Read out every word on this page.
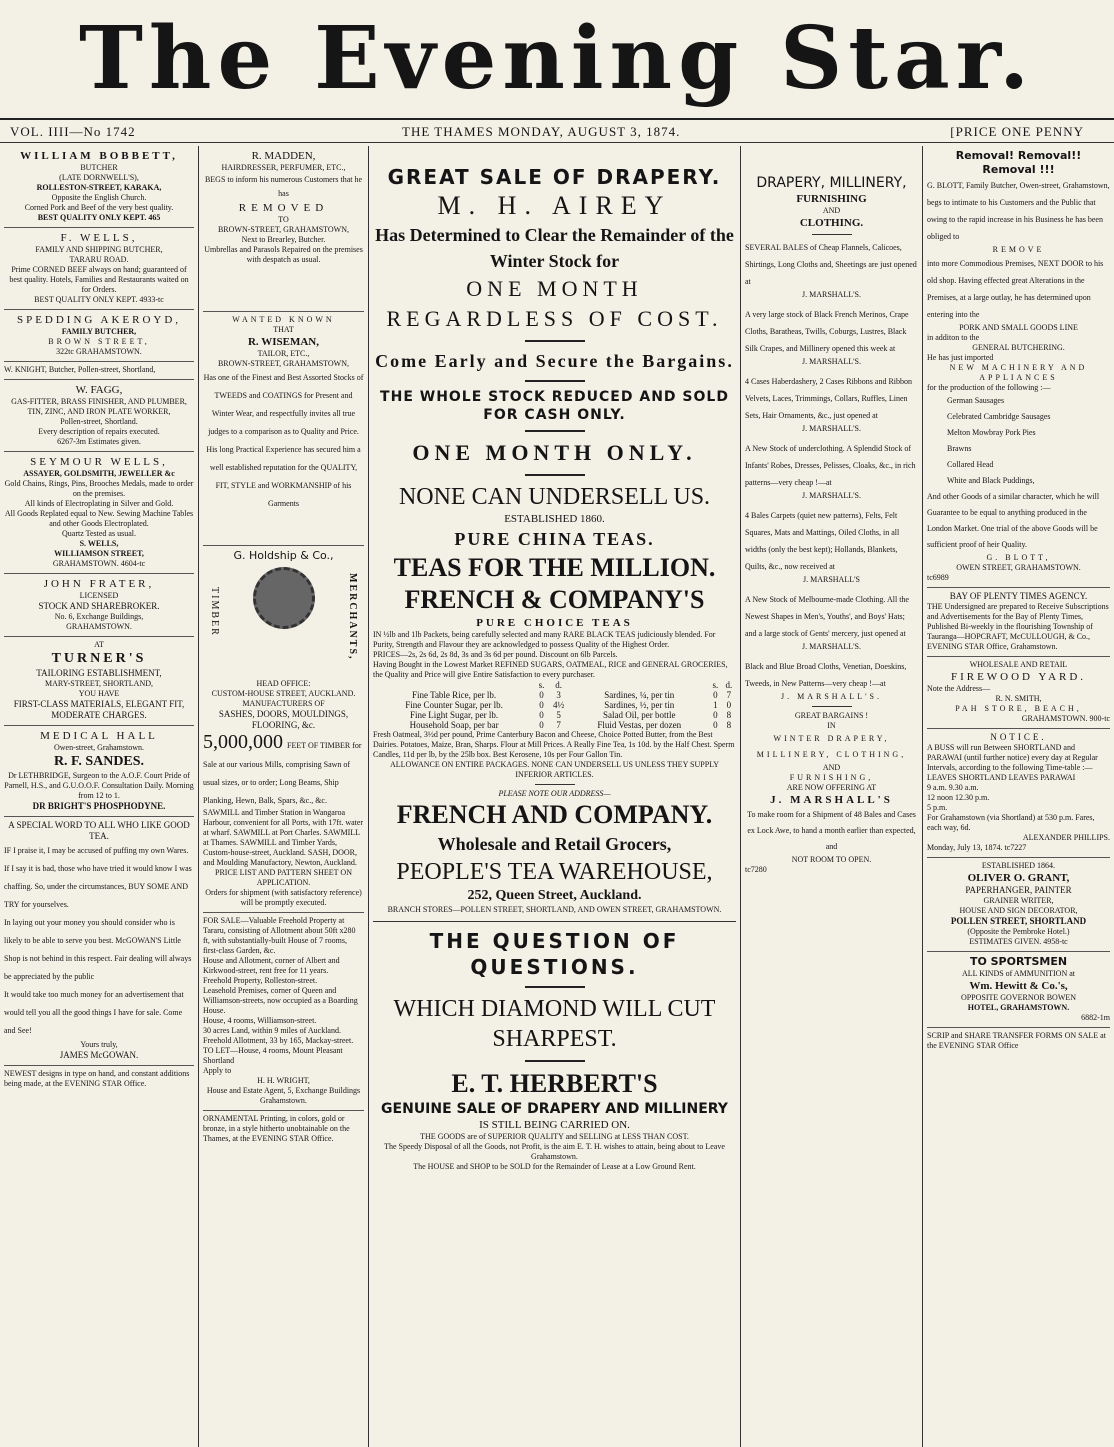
The Evening Star.
VOL. IIII—No 1742	THE THAMES MONDAY, AUGUST 3, 1874.	[PRICE ONE PENNY
WILLIAM BOBBETT,
BUTCHER
(LATE DORNWELL'S),
ROLLESTON-STREET, KARAKA,
Opposite the English Church.
Corned Pork and Beef of the very best quality.
BEST QUALITY ONLY KEPT. 465
F. WELLS,
FAMILY AND SHIPPING BUTCHER,
TARARU ROAD.
Prime CORNED BEEF always on hand; guaranteed of best quality. Hotels, Families and Restaurants waited on for Orders.
BEST QUALITY ONLY KEPT. 4933-tc
SPEDDING AKEROYD,
FAMILY BUTCHER,
BROWN STREET,
322tc GRAHAMSTOWN.
W. KNIGHT, Butcher, Pollen-street, Shortland,
W. FAGG,
GAS-FITTER, BRASS FINISHER, AND PLUMBER,
TIN, ZINC, AND IRON PLATE WORKER,
Pollen-street, Shortland.
Every description of repairs executed.
6267-3m Estimates given.
SEYMOUR WELLS,
ASSAYER, GOLDSMITH, JEWELLER &c
Gold Chains, Rings, Pins, Brooches Medals, made to order on the premises.
All kinds of Electroplating in Silver and Gold.
All Goods Replated equal to New. Sewing Machine Tables and other Goods Electroplated.
Quartz Tested as usual.
S. WELLS,
WILLIAMSON STREET,
GRAHAMSTOWN. 4604-tc
JOHN FRATER,
LICENSED
STOCK AND SHAREBROKER.
No. 6, Exchange Buildings,
GRAHAMSTOWN.
AT
TURNER'S
TAILORING ESTABLISHMENT,
MARY-STREET, SHORTLAND,
YOU HAVE
FIRST-CLASS MATERIALS, ELEGANT FIT, MODERATE CHARGES.
MEDICAL HALL
Owen-street, Grahamstown.
R. F. SANDES.
Dr LETHBRIDGE, Surgeon to the A.O.F. Court Pride of Parnell, H.S., and G.U.O.O.F. Consultation Daily. Morning from 12 to 1.
DR BRIGHT'S PHOSPHODYNE.
A SPECIAL WORD TO ALL WHO LIKE GOOD TEA.
IF I praise it, I may be accused of puffing my own Wares. If I say it is bad, those who have tried it would know I was chaffing. So, under the circumstances, BUY SOME AND TRY for yourselves.
In laying out your money you should consider who is likely to be able to serve you best. McGOWAN'S Little Shop is not behind in this respect. Fair dealing will always be appreciated by the public
It would take too much money for an advertisement that would tell you all the good things I have for sale. Come and See!
Yours truly,
JAMES McGOWAN.
NEWEST designs in type on hand, and constant additions being made, at the EVENING STAR Office.
R. MADDEN,
HAIRDRESSER, PERFUMER, ETC.,
BEGS to inform his numerous Customers that he has
REMOVED
TO
BROWN-STREET, GRAHAMSTOWN,
Next to Brearley, Butcher.
Umbrellas and Parasols Repaired on the premises with despatch as usual.
WANTED KNOWN
THAT
R. WISEMAN,
TAILOR, ETC.,
BROWN-STREET, GRAHAMSTOWN,
Has one of the Finest and Best Assorted Stocks of TWEEDS and COATINGS for Present and Winter Wear, and respectfully invites all true judges to a comparison as to Quality and Price.
His long Practical Experience has secured him a well established reputation for the QUALITY, FIT, STYLE and WORKMANSHIP of his Garments
G. Holdship & Co.,
TIMBER	MERCHANTS,
HEAD OFFICE:
CUSTOM-HOUSE STREET, AUCKLAND.
MANUFACTURERS OF
SASHES, DOORS, MOULDINGS, FLOORING, &c.
5,000,000 FEET OF TIMBER for Sale at our various Mills, comprising Sawn of usual sizes, or to order; Long Beams, Ship Planking, Hewn, Balk, Spars, &c., &c.
SAWMILL and Timber Station in Wangaroa Harbour, convenient for all Ports, with 17ft. water at wharf. SAWMILL at Port Charles. SAWMILL at Thames. SAWMILL and Timber Yards, Custom-house-street, Auckland. SASH, DOOR, and Moulding Manufactory, Newton, Auckland.
PRICE LIST AND PATTERN SHEET ON APPLICATION.
Orders for shipment (with satisfactory reference) will be promptly executed.
FOR SALE—Valuable Freehold Property at Tararu, consisting of Allotment about 50ft x280 ft, with substantially-built House of 7 rooms, first-class Garden, &c.
House and Allotment, corner of Albert and Kirkwood-street, rent free for 11 years.
Freehold Property, Rolleston-street.
Leasehold Premises, corner of Queen and Williamson-streets, now occupied as a Boarding House.
House, 4 rooms, Williamson-street.
30 acres Land, within 9 miles of Auckland.
Freehold Allotment, 33 by 165, Mackay-street.
TO LET—House, 4 rooms, Mount Pleasant Shortland
Apply to
H. H. WRIGHT,
House and Estate Agent, 5, Exchange Buildings Grahamstown.
ORNAMENTAL Printing, in colors, gold or bronze, in a style hitherto unobtainable on the Thames, at the EVENING STAR Office.
GREAT SALE OF DRAPERY.
M. H. AIREY
Has Determined to Clear the Remainder of the Winter Stock for
ONE MONTH
REGARDLESS OF COST.
Come Early and Secure the Bargains.
THE WHOLE STOCK REDUCED AND SOLD FOR CASH ONLY.
ONE MONTH ONLY.
NONE CAN UNDERSELL US.
ESTABLISHED 1860.
PURE CHINA TEAS.
TEAS FOR THE MILLION.
FRENCH & COMPANY'S
PURE CHOICE TEAS
IN ½lb and 1lb Packets, being carefully selected and many RARE BLACK TEAS judiciously blended. For Purity, Strength and Flavour they are acknowledged to possess Quality of the Highest Order.
PRICES—2s, 2s 6d, 2s 8d, 3s and 3s 6d per pound. Discount on 6lb Parcels.
Having Bought in the Lowest Market REFINED SUGARS, OATMEAL, RICE and GENERAL GROCERIES, the Quality and Price will give Entire Satisfaction to every purchaser.
	s.	d.		s.	d.
Fine Table Rice, per lb.	0	3	Sardines, ¼, per tin	0	7
Fine Counter Sugar, per lb.	0	4½	Sardines, ½, per tin	1	0
Fine Light Sugar, per lb.	0	5	Salad Oil, per bottle	0	8
Household Soap, per bar	0	7	Fluid Vestas, per dozen	0	8
Fresh Oatmeal, 3½d per pound, Prime Canterbury Bacon and Cheese, Choice Potted Butter, from the Best Dairies. Potatoes, Maize, Bran, Sharps. Flour at Mill Prices. A Really Fine Tea, 1s 10d. by the Half Chest. Sperm Candles, 11d per lb, by the 25lb box. Best Kerosene, 10s per Four Gallon Tin.
ALLOWANCE ON ENTIRE PACKAGES. NONE CAN UNDERSELL US UNLESS THEY SUPPLY INFERIOR ARTICLES.
PLEASE NOTE OUR ADDRESS—
FRENCH AND COMPANY.
Wholesale and Retail Grocers,
PEOPLE'S TEA WAREHOUSE,
252, Queen Street, Auckland.
BRANCH STORES—POLLEN STREET, SHORTLAND, AND OWEN STREET, GRAHAMSTOWN.
THE QUESTION OF QUESTIONS.
WHICH DIAMOND WILL CUT SHARPEST.
E. T. HERBERT'S
GENUINE SALE OF DRAPERY AND MILLINERY
IS STILL BEING CARRIED ON.
THE GOODS are of SUPERIOR QUALITY and SELLING at LESS THAN COST.
The Speedy Disposal of all the Goods, not Profit, is the aim E. T. H. wishes to attain, being about to Leave Grahamstown.
The HOUSE and SHOP to be SOLD for the Remainder of Lease at a Low Ground Rent.
DRAPERY, MILLINERY,
FURNISHING
AND
CLOTHING.
SEVERAL BALES of Cheap Flannels, Calicoes, Shirtings, Long Cloths and, Sheetings are just opened at
J. MARSHALL'S.
A very large stock of Black French Merinos, Crape Cloths, Baratheas, Twills, Coburgs, Lustres, Black Silk Crapes, and Millinery opened this week at
J. MARSHALL'S.
4 Cases Haberdashery, 2 Cases Ribbons and Ribbon Velvets, Laces, Trimmings, Collars, Ruffles, Linen Sets, Hair Ornaments, &c., just opened at
J. MARSHALL'S.
A New Stock of underclothing. A Splendid Stock of Infants' Robes, Dresses, Pelisses, Cloaks, &c., in rich patterns—very cheap !—at
J. MARSHALL'S.
4 Bales Carpets (quiet new patterns), Felts, Felt Squares, Mats and Mattings, Oiled Cloths, in all widths (only the best kept); Hollands, Blankets, Quilts, &c., now received at
J. MARSHALL'S
A New Stock of Melbourne-made Clothing. All the Newest Shapes in Men's, Youths', and Boys' Hats; and a large stock of Gents' mercery, just opened at
J. MARSHALL'S.
Black and Blue Broad Cloths, Venetian, Doeskins, Tweeds, in New Patterns—very cheap !—at
J. MARSHALL'S.
GREAT BARGAINS !
IN
WINTER DRAPERY, MILLINERY, CLOTHING,
AND
FURNISHING,
ARE NOW OFFERING AT
J. MARSHALL'S
To make room for a Shipment of 48 Bales and Cases ex Lock Awe, to hand a month earlier than expected, and
NOT ROOM TO OPEN.
tc7280
Removal! Removal!!
Removal !!!
G. BLOTT, Family Butcher, Owen-street, Grahamstown, begs to intimate to his Customers and the Public that owing to the rapid increase in his Business he has been obliged to
REMOVE
into more Commodious Premises, NEXT DOOR to his old shop. Having effected great Alterations in the Premises, at a large outlay, he has determined upon entering into the
PORK AND SMALL GOODS LINE
in additon to the
GENERAL BUTCHERING.
He has just imported
NEW MACHINERY AND APPLIANCES
for the production of the following :—
German Sausages
Celebrated Cambridge Sausages
Melton Mowbray Pork Pies
Brawns
Collared Head
White and Black Puddings,
And other Goods of a similar character, which he will Guarantee to be equal to anything produced in the London Market. One trial of the above Goods will be sufficient proof of heir Quality.
G. BLOTT,
OWEN STREET, GRAHAMSTOWN.
tc6989
BAY OF PLENTY TIMES AGENCY.
THE Undersigned are prepared to Receive Subscriptions and Advertisements for the Bay of Plenty Times, Published Bi-weekly in the flourishing Township of Tauranga—HOPCRAFT, McCULLOUGH, & Co., EVENING STAR Office, Grahamstown.
WHOLESALE AND RETAIL
FIREWOOD YARD.
Note the Address—
R. N. SMITH,
PAH STORE, BEACH,
GRAHAMSTOWN. 900-tc
NOTICE.
A BUSS will run Between SHORTLAND and PARAWAI (until further notice) every day at Regular Intervals, according to the following Time-table :—
LEAVES SHORTLAND LEAVES PARAWAI
9 a.m. 9.30 a.m.
12 noon 12.30 p.m.
5 p.m.
For Grahamstown (via Shortland) at 530 p.m. Fares, each way, 6d.
ALEXANDER PHILLIPS.
Monday, July 13, 1874. tc7227
ESTABLISHED 1864.
OLIVER O. GRANT,
PAPERHANGER, PAINTER
GRAINER WRITER,
HOUSE AND SIGN DECORATOR,
POLLEN STREET, SHORTLAND
(Opposite the Pembroke Hotel.)
ESTIMATES GIVEN. 4958-tc
TO SPORTSMEN
ALL KINDS of AMMUNITION at
Wm. Hewitt & Co.'s,
OPPOSITE GOVERNOR BOWEN
HOTEL, GRAHAMSTOWN.
6882-1m
SCRIP and SHARE TRANSFER FORMS ON SALE at the EVENING STAR Office
